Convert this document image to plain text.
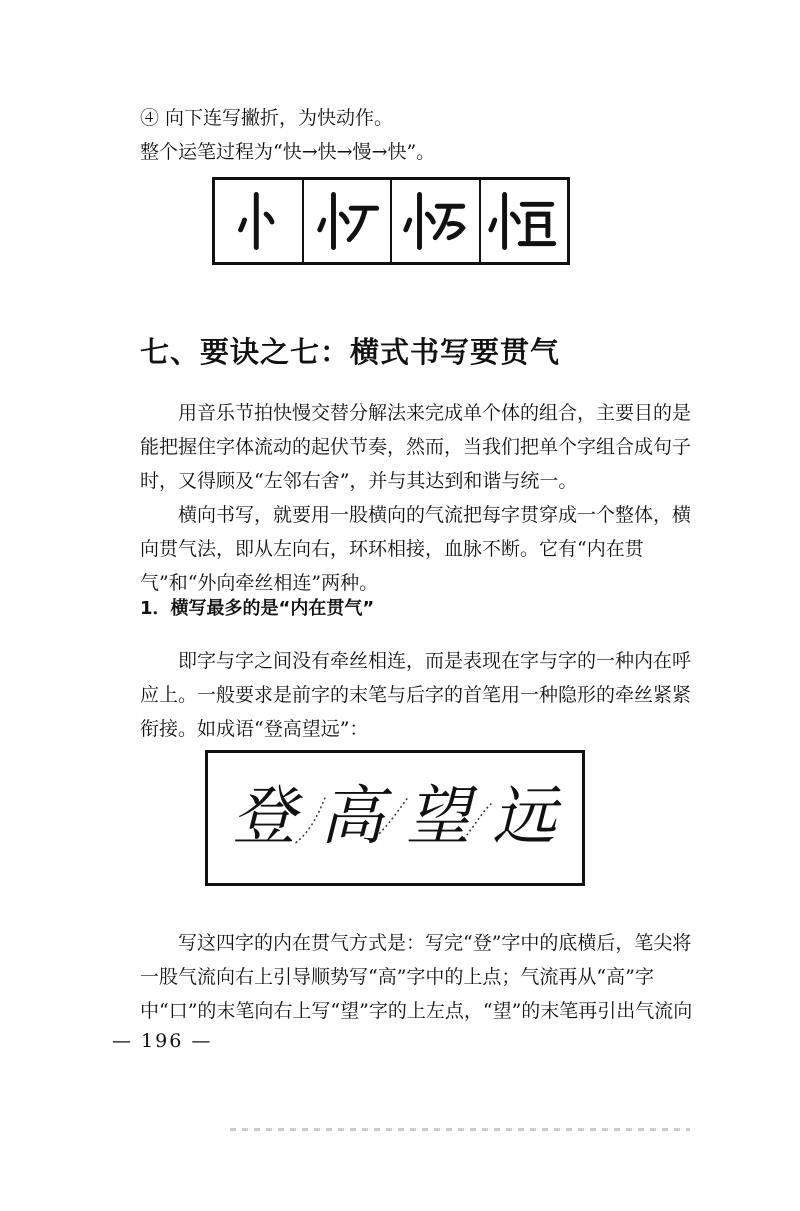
④ 向下连写撇折，为快动作。
整个运笔过程为“快→快→慢→快”。
七、要诀之七：横式书写要贯气

用音乐节拍快慢交替分解法来完成单个体的组合，主要目的是能把握住字体流动的起伏节奏，然而，当我们把单个字组合成句子时，又得顾及“左邻右舍”，并与其达到和谐与统一。

横向书写，就要用一股横向的气流把每字贯穿成一个整体，横向贯气法，即从左向右，环环相接，血脉不断。它有“内在贯气”和“外向牵丝相连”两种。

1．横写最多的是“内在贯气”

即字与字之间没有牵丝相连，而是表现在字与字的一种内在呼应上。一般要求是前字的末笔与后字的首笔用一种隐形的牵丝紧紧衔接。如成语“登高望远”：

登 高 望 远

写这四字的内在贯气方式是：写完“登”字中的底横后，笔尖将一股气流向右上引导顺势写“高”字中的上点；气流再从“高”字中“口”的末笔向右上写“望”字的上左点，“望”的末笔再引出气流向

— 196 —
